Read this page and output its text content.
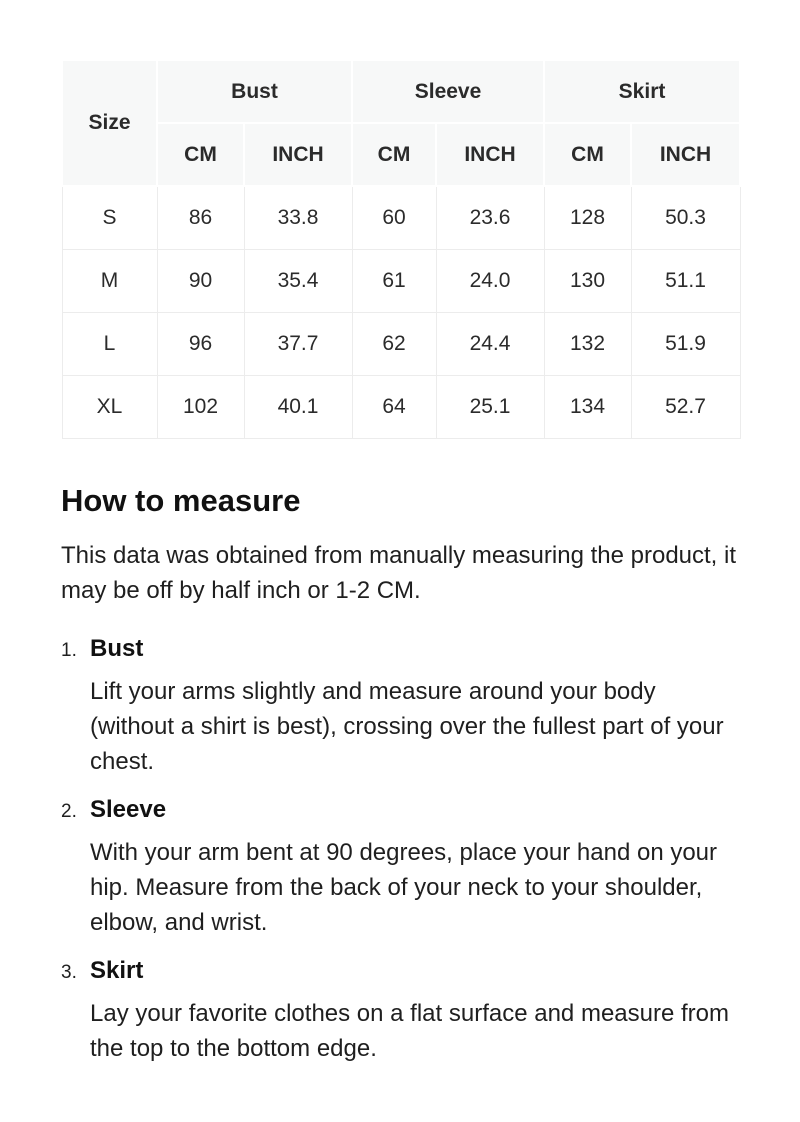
Size	Bust		Sleeve		Skirt	
	CM	INCH	CM	INCH	CM	INCH
S	86	33.8	60	23.6	128	50.3
M	90	35.4	61	24.0	130	51.1
L	96	37.7	62	24.4	132	51.9
XL	102	40.1	64	25.1	134	52.7
How to measure

This data was obtained from manually measuring the product, it may be off by half inch or 1-2 CM.

1. Bust

Lift your arms slightly and measure around your body (without a shirt is best), crossing over the fullest part of your chest.

2. Sleeve

With your arm bent at 90 degrees, place your hand on your hip. Measure from the back of your neck to your shoulder, elbow, and wrist.

3. Skirt

Lay your favorite clothes on a flat surface and measure from the top to the bottom edge.
